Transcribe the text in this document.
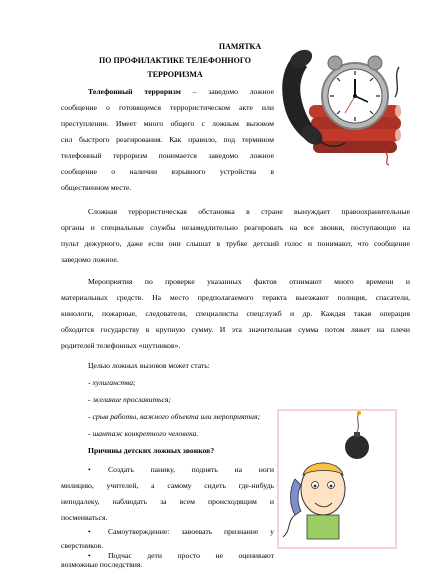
ПАМЯТКА
ПО ПРОФИЛАКТИКЕ ТЕЛЕФОННОГО
ТЕРРОРИЗМА
Телефонный терроризм – заведомо ложное
сообщение о готовящемся террористическом акте или
преступлении. Имеет много общего с ложным вызовом
сил быстрого реагирования. Как правило, под термином
телефонный терроризм понимается заведомо ложное
сообщение о наличии взрывного устройства в
общественном месте.
Сложная террористическая обстановка в стране вынуждает правоохранительные
органы и специальные службы незамедлительно реагировать на все звонки, поступающие на
пульт дежурного, даже если они слышат в трубке детский голос и понимают, что сообщение
заведомо ложное.
Мероприятия по проверке указанных фактов отнимают много времени и
материальных средств. На место предполагаемого теракта выезжают полиция, спасатели,
кинологи, пожарные, следователи, специалисты спецслужб и др. Каждая такая операция
обходится государству в крупную сумму. И эта значительная сумма потом ляжет на плечи
родителей телефонных «шутников».
Целью ложных вызовов может стать:
- хулиганства;
- желание прославиться;
- срыв работы, важного объекта или мероприятия;
- шантаж конкретного человека.
Причины детских ложных звонков?
• Создать панику, поднять на ноги
милицию, учителей, а самому сидеть где-нибудь
неподалеку, наблюдать за всем происходящим и
посмеиваться.
• Самоутверждение: завоевать признание у
сверстников.
• Подчас дети просто не оценивают
возможные последствия.
